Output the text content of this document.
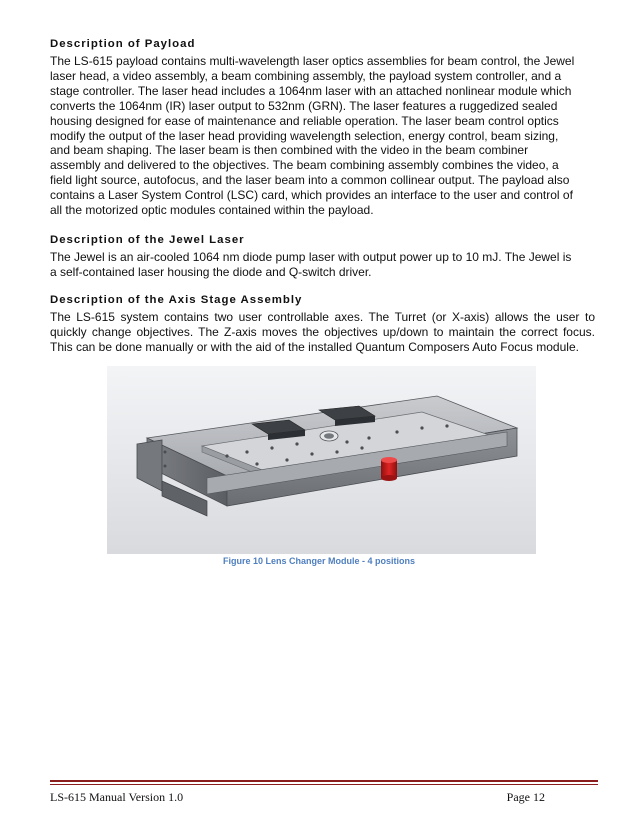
Description of Payload
The LS-615 payload contains multi-wavelength laser optics assemblies for beam control, the Jewel
laser head, a video assembly, a beam combining assembly, the payload system controller, and a
stage controller. The laser head includes a 1064nm laser with an attached nonlinear module which
converts the 1064nm (IR) laser output to 532nm (GRN). The laser features a ruggedized sealed
housing designed for ease of maintenance and reliable operation. The laser beam control optics
modify the output of the laser head providing wavelength selection, energy control, beam sizing,
and beam shaping. The laser beam is then combined with the video in the beam combiner
assembly and delivered to the objectives. The beam combining assembly combines the video, a
field light source, autofocus, and the laser beam into a common collinear output. The payload also
contains a Laser System Control (LSC) card, which provides an interface to the user and control of
all the motorized optic modules contained within the payload.
Description of the Jewel Laser
The Jewel is an air-cooled 1064 nm diode pump laser with output power up to 10 mJ. The Jewel is
a self-contained laser housing the diode and Q-switch driver.
Description of the Axis Stage Assembly

The LS-615 system contains two user controllable axes. The Turret (or X-axis) allows the user to quickly change objectives. The Z-axis moves the objectives up/down to maintain the correct focus. This can be done manually or with the aid of the installed Quantum Composers Auto Focus module.

Figure 10 Lens Changer Module - 4 positions
LS-615 Manual Version 1.0	Page 12
